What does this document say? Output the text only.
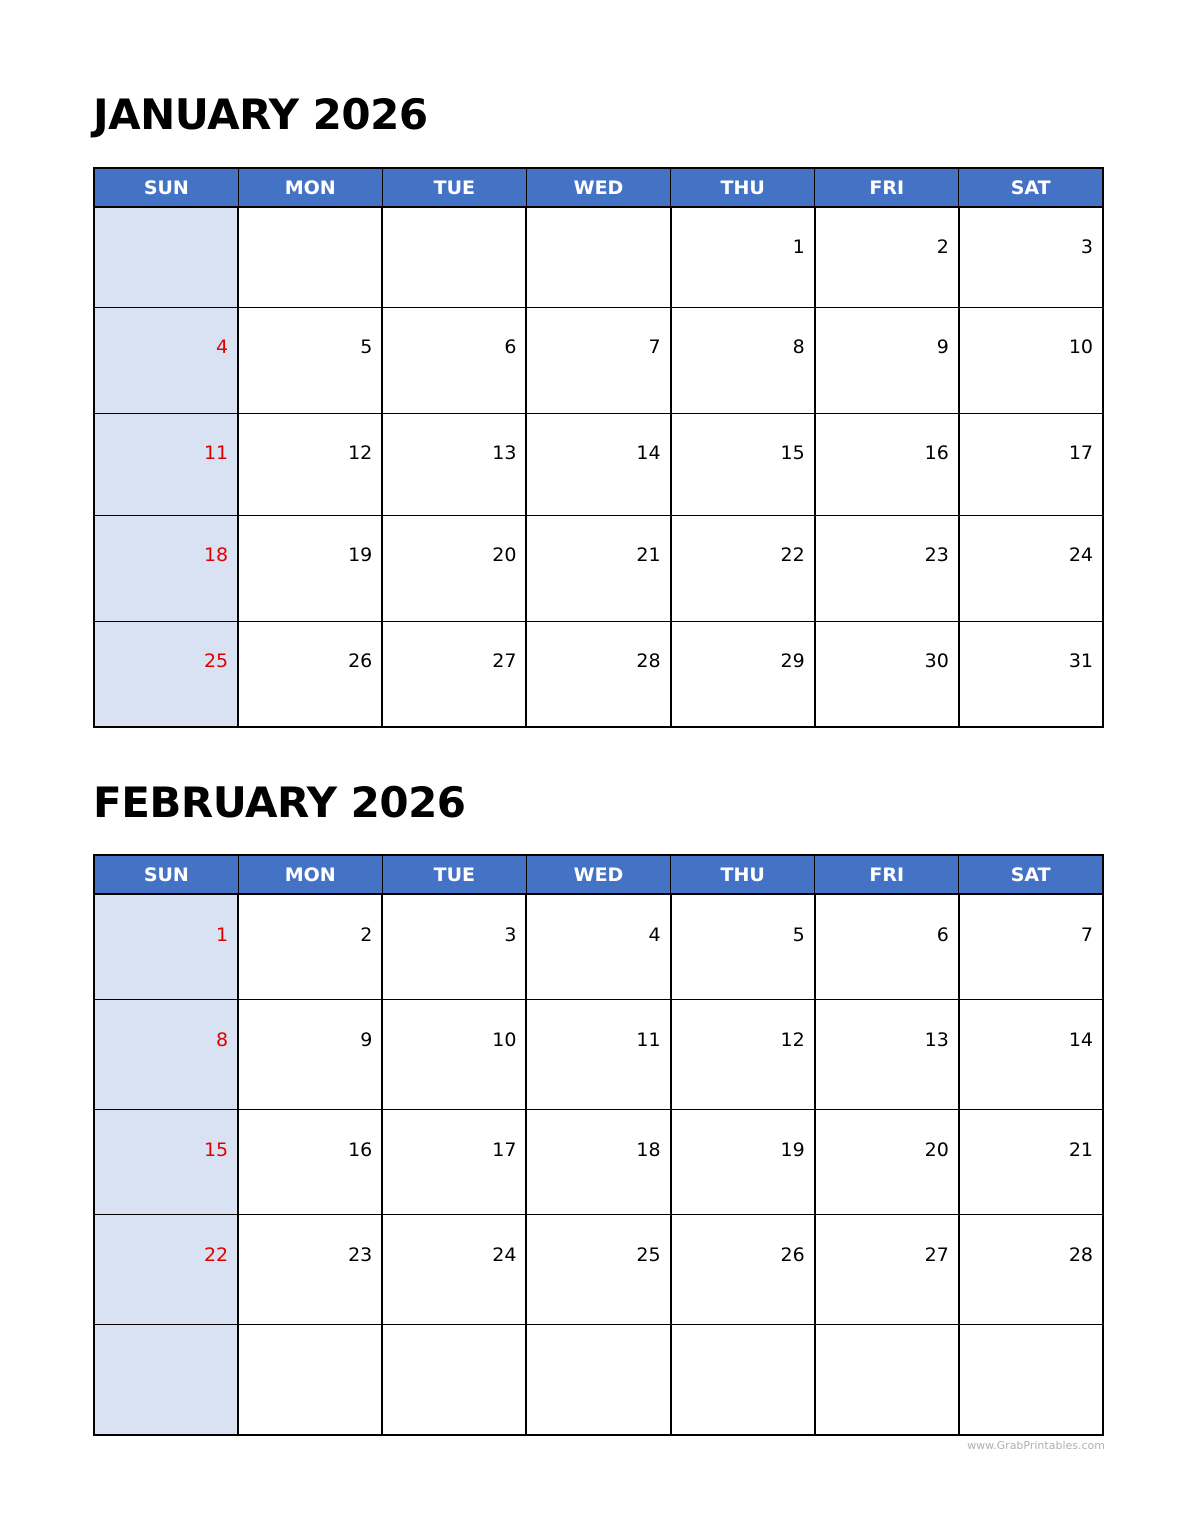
JANUARY 2026
SUN	MON	TUE	WED	THU	FRI	SAT

				1	2	3

4	5	6	7	8	9	10

11	12	13	14	15	16	17

18	19	20	21	22	23	24

25	26	27	28	29	30	31
FEBRUARY 2026
SUN	MON	TUE	WED	THU	FRI	SAT

1	2	3	4	5	6	7

8	9	10	11	12	13	14

15	16	17	18	19	20	21

22	23	24	25	26	27	28

www.GrabPrintables.com
